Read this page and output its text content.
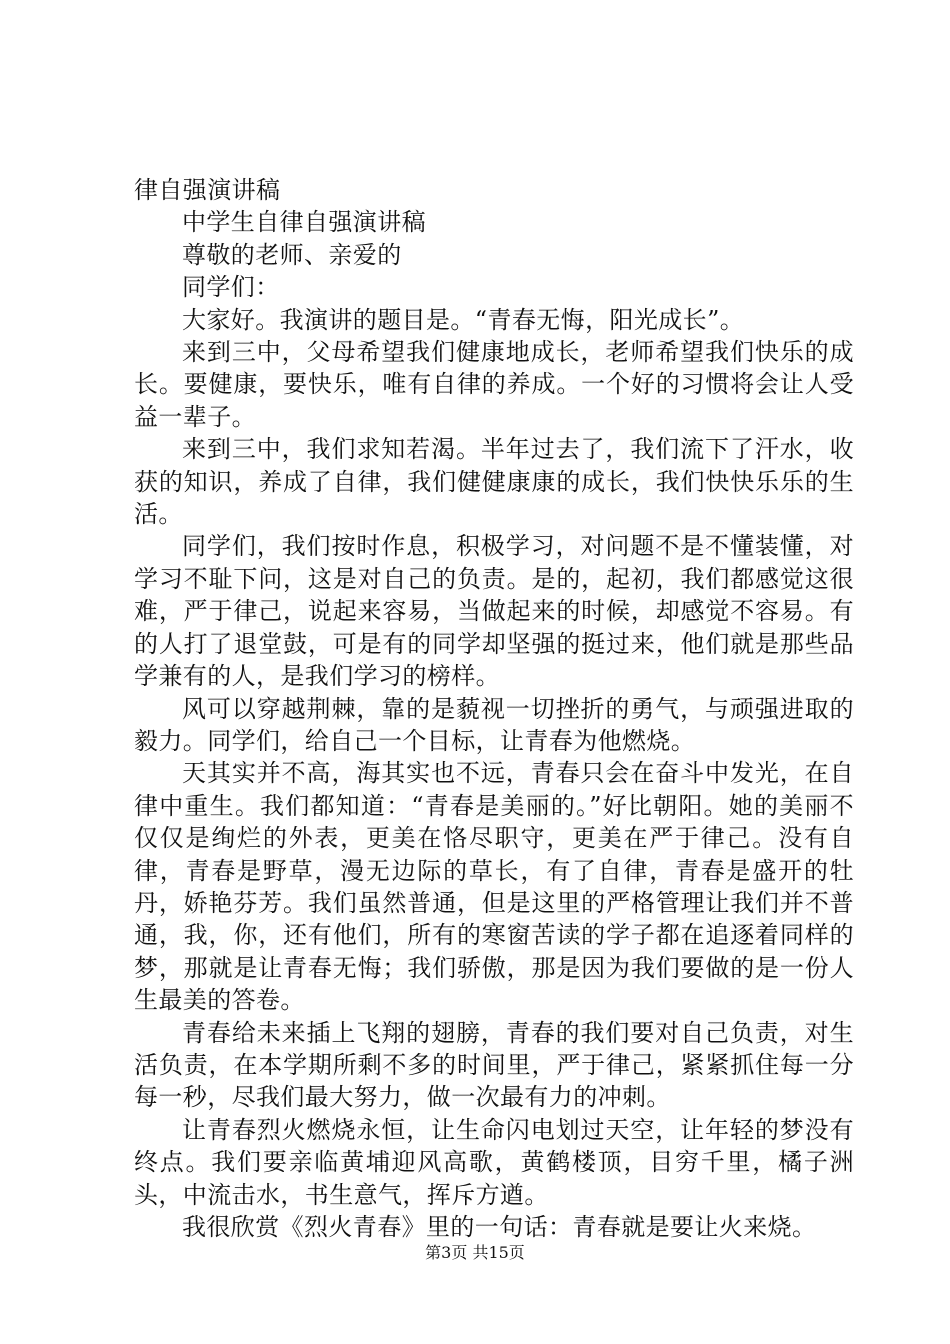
律自强演讲稿

中学生自律自强演讲稿

尊敬的老师、亲爱的

同学们：

大家好。我演讲的题目是。“青春无悔，阳光成长”。

来到三中，父母希望我们健康地成长，老师希望我们快乐的成长。要健康，要快乐，唯有自律的养成。一个好的习惯将会让人受益一辈子。

来到三中，我们求知若渴。半年过去了，我们流下了汗水，收获的知识，养成了自律，我们健健康康的成长，我们快快乐乐的生活。

同学们，我们按时作息，积极学习，对问题不是不懂装懂，对学习不耻下问，这是对自己的负责。是的，起初，我们都感觉这很难，严于律己，说起来容易，当做起来的时候，却感觉不容易。有的人打了退堂鼓，可是有的同学却坚强的挺过来，他们就是那些品学兼有的人，是我们学习的榜样。

风可以穿越荆棘，靠的是藐视一切挫折的勇气，与顽强进取的毅力。同学们，给自己一个目标，让青春为他燃烧。

天其实并不高，海其实也不远，青春只会在奋斗中发光，在自律中重生。我们都知道：“青春是美丽的。”好比朝阳。她的美丽不仅仅是绚烂的外表，更美在恪尽职守，更美在严于律己。没有自律，青春是野草，漫无边际的草长，有了自律，青春是盛开的牡丹，娇艳芬芳。我们虽然普通，但是这里的严格管理让我们并不普通，我，你，还有他们，所有的寒窗苦读的学子都在追逐着同样的梦，那就是让青春无悔；我们骄傲，那是因为我们要做的是一份人生最美的答卷。

青春给未来插上飞翔的翅膀，青春的我们要对自己负责，对生活负责，在本学期所剩不多的时间里，严于律己，紧紧抓住每一分每一秒，尽我们最大努力，做一次最有力的冲刺。

让青春烈火燃烧永恒，让生命闪电划过天空，让年轻的梦没有终点。我们要亲临黄埔迎风高歌，黄鹤楼顶，目穷千里，橘子洲头，中流击水，书生意气，挥斥方遒。

我很欣赏《烈火青春》里的一句话：青春就是要让火来烧。

第3页 共15页
